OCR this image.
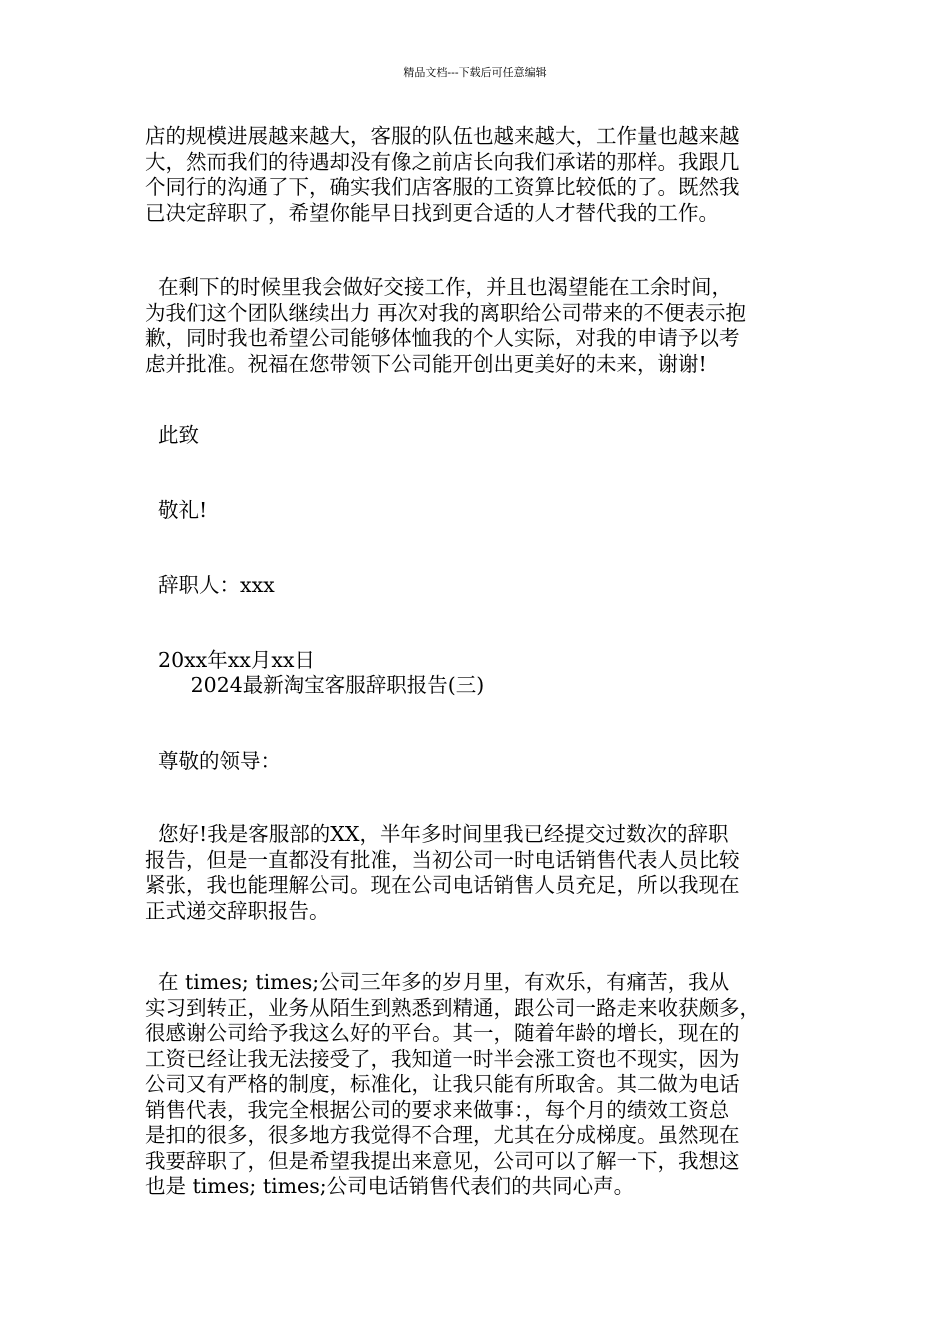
精品文档---下载后可任意编辑
店的规模进展越来越大，客服的队伍也越来越大，工作量也越来越
大，然而我们的待遇却没有像之前店长向我们承诺的那样。我跟几
个同行的沟通了下，确实我们店客服的工资算比较低的了。既然我
已决定辞职了，希望你能早日找到更合适的人才替代我的工作。
在剩下的时候里我会做好交接工作，并且也渴望能在工余时间，
为我们这个团队继续出力 再次对我的离职给公司带来的不便表示抱
歉，同时我也希望公司能够体恤我的个人实际，对我的申请予以考
虑并批准。祝福在您带领下公司能开创出更美好的未来，谢谢!
此致
敬礼!
辞职人：xxx
20xx年xx月xx日
2024最新淘宝客服辞职报告(三)
尊敬的领导：
您好!我是客服部的XX，半年多时间里我已经提交过数次的辞职
报告，但是一直都没有批准，当初公司一时电话销售代表人员比较
紧张，我也能理解公司。现在公司电话销售人员充足，所以我现在
正式递交辞职报告。
在 times; times;公司三年多的岁月里，有欢乐，有痛苦，我从
实习到转正，业务从陌生到熟悉到精通，跟公司一路走来收获颇多，
很感谢公司给予我这么好的平台。其一，随着年龄的增长，现在的
工资已经让我无法接受了，我知道一时半会涨工资也不现实，因为
公司又有严格的制度，标准化，让我只能有所取舍。其二做为电话
销售代表，我完全根据公司的要求来做事：，每个月的绩效工资总
是扣的很多，很多地方我觉得不合理，尤其在分成梯度。虽然现在
我要辞职了，但是希望我提出来意见，公司可以了解一下，我想这
也是 times; times;公司电话销售代表们的共同心声。
